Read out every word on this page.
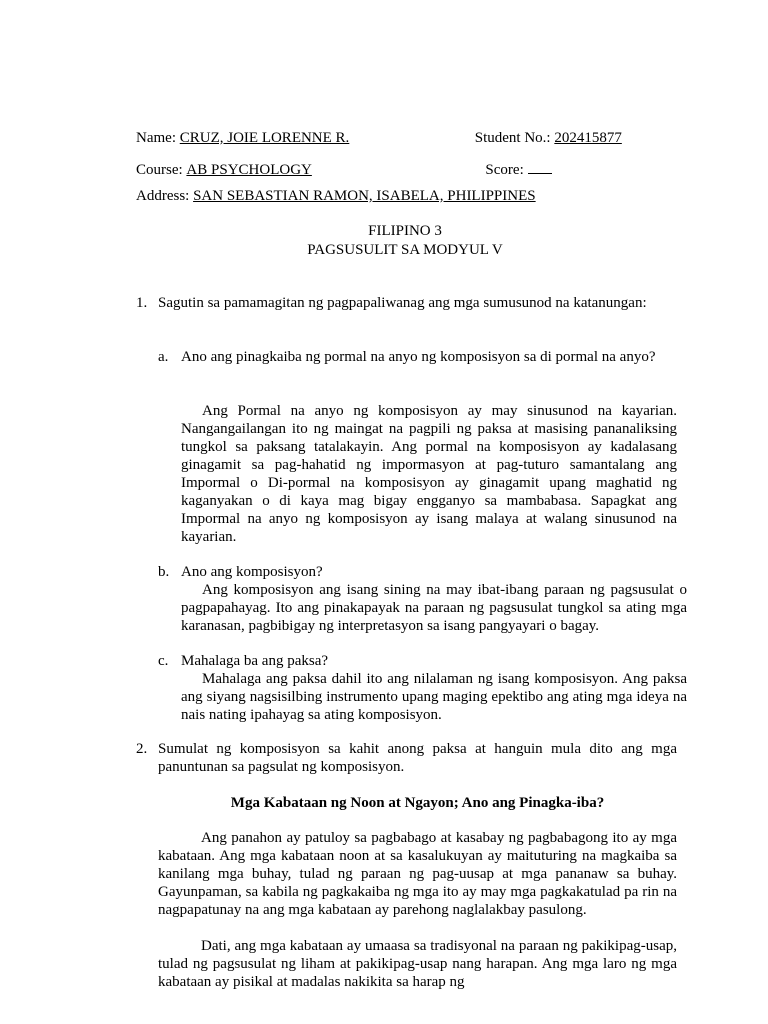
Name: CRUZ, JOIE LORENNE R.	Student No.: 202415877
Course: AB PSYCHOLOGY	Score:
Address: SAN SEBASTIAN RAMON, ISABELA, PHILIPPINES
FILIPINO 3
PAGSUSULIT SA MODYUL V
1. Sagutin sa pamamagitan ng pagpapaliwanag ang mga sumusunod na katanungan:
a. Ano ang pinagkaiba ng pormal na anyo ng komposisyon sa di pormal na anyo?
Ang Pormal na anyo ng komposisyon ay may sinusunod na kayarian. Nangangailangan ito ng maingat na pagpili ng paksa at masising pananaliksing tungkol sa paksang tatalakayin. Ang pormal na komposisyon ay kadalasang ginagamit sa pag-hahatid ng impormasyon at pag-tuturo samantalang ang Impormal o Di-pormal na komposisyon ay ginagamit upang maghatid ng kaganyakan o di kaya mag bigay engganyo sa mambabasa. Sapagkat ang Impormal na anyo ng komposisyon ay isang malaya at walang sinusunod na kayarian.
b. Ano ang komposisyon?
Ang komposisyon ang isang sining na may ibat-ibang paraan ng pagsusulat o pagpapahayag. Ito ang pinakapayak na paraan ng pagsusulat tungkol sa ating mga karanasan, pagbibigay ng interpretasyon sa isang pangyayari o bagay.
c. Mahalaga ba ang paksa?
Mahalaga ang paksa dahil ito ang nilalaman ng isang komposisyon. Ang paksa ang siyang nagsisilbing instrumento upang maging epektibo ang ating mga ideya na nais nating ipahayag sa ating komposisyon.
2. Sumulat ng komposisyon sa kahit anong paksa at hanguin mula dito ang mga panuntunan sa pagsulat ng komposisyon.
Mga Kabataan ng Noon at Ngayon; Ano ang Pinagka-iba?
Ang panahon ay patuloy sa pagbabago at kasabay ng pagbabagong ito ay mga kabataan. Ang mga kabataan noon at sa kasalukuyan ay maituturing na magkaiba sa kanilang mga buhay, tulad ng paraan ng pag-uusap at mga pananaw sa buhay. Gayunpaman, sa kabila ng pagkakaiba ng mga ito ay may mga pagkakatulad pa rin na nagpapatunay na ang mga kabataan ay parehong naglalakbay pasulong.
Dati, ang mga kabataan ay umaasa sa tradisyonal na paraan ng pakikipag-usap, tulad ng pagsusulat ng liham at pakikipag-usap nang harapan. Ang mga laro ng mga kabataan ay pisikal at madalas nakikita sa harap ng
